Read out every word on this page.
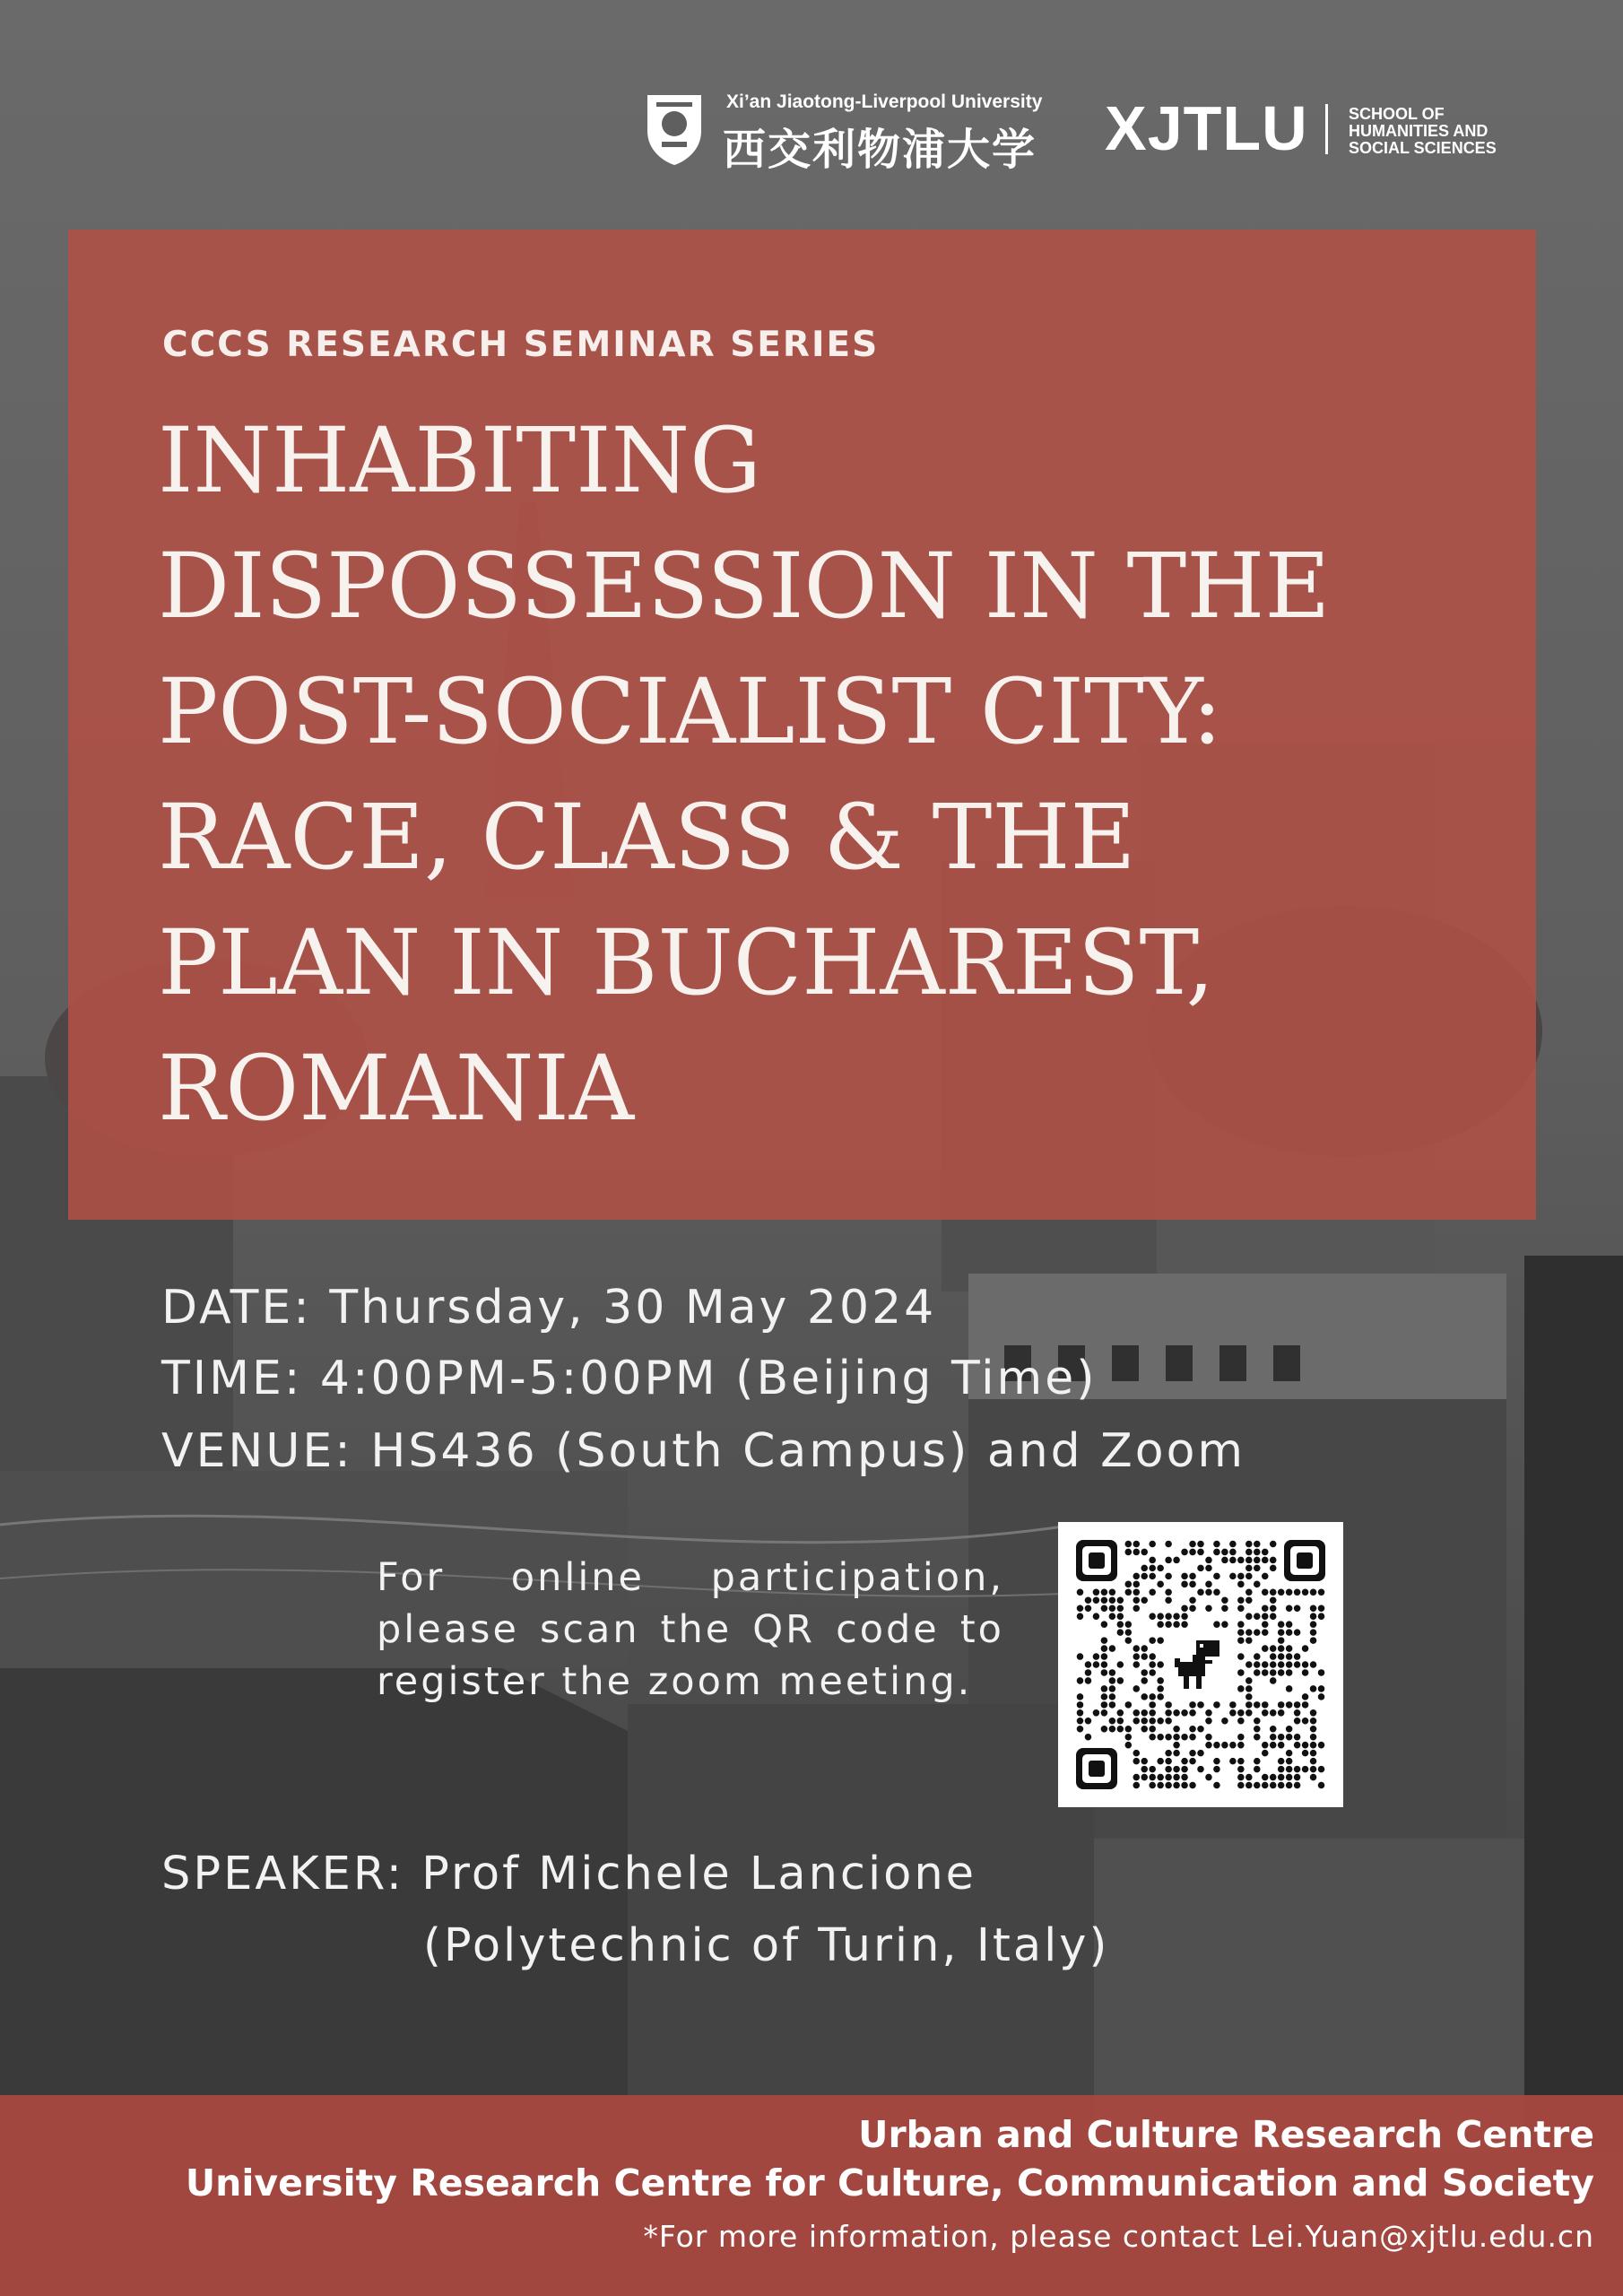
Xi’an Jiaotong-Liverpool University
西交利物浦大学 XJTLU	SCHOOL OF
HUMANITIES AND
SOCIAL SCIENCES
CCCS RESEARCH SEMINAR SERIES
INHABITING
DISPOSSESSION IN THE
POST-SOCIALIST CITY:
RACE, CLASS & THE
PLAN IN BUCHAREST,
ROMANIA
DATE: Thursday, 30 May 2024
TIME: 4:00PM-5:00PM (Beijing Time)
VENUE: HS436 (South Campus) and Zoom
For online participation, please scan the QR code to register the zoom meeting.
SPEAKER: Prof Michele Lancione
(Polytechnic of Turin, Italy)
Urban and Culture Research Centre
University Research Centre for Culture, Communication and Society
*For more information, please contact Lei.Yuan@xjtlu.edu.cn
